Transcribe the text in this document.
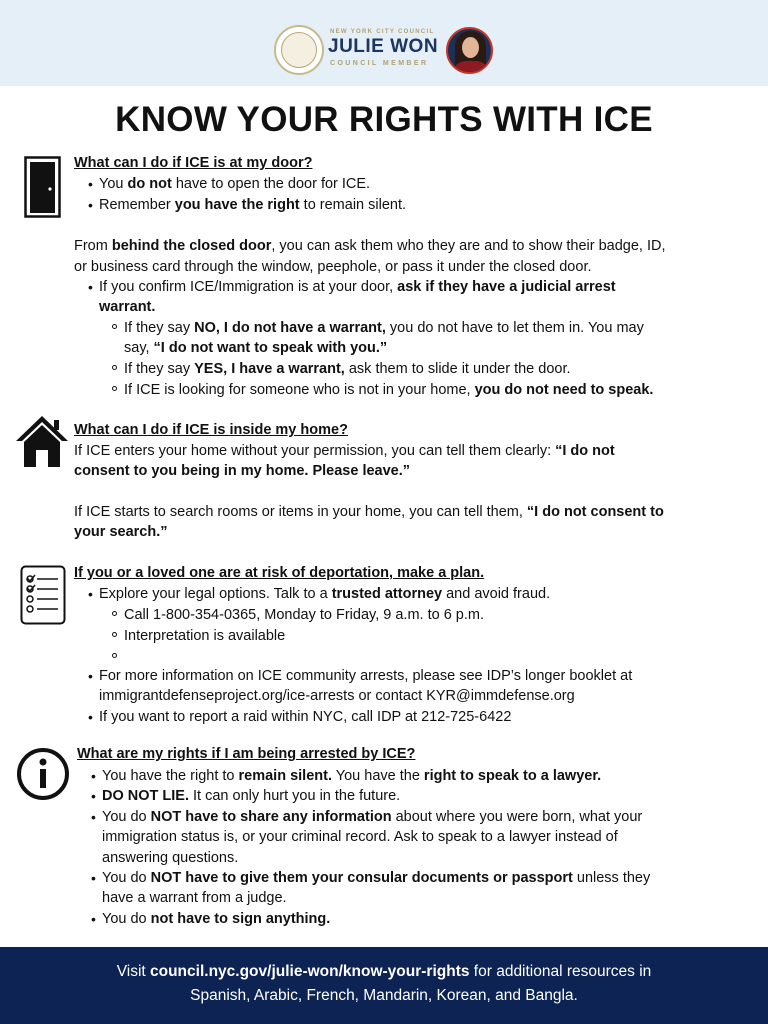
NEW YORK CITY COUNCIL
JULIE WON
COUNCIL MEMBER
KNOW YOUR RIGHTS WITH ICE
What can I do if ICE is at my door?
• You do not have to open the door for ICE.
• Remember you have the right to remain silent.
From behind the closed door, you can ask them who they are and to show their badge, ID,
or business card through the window, peephole, or pass it under the closed door.
• If you confirm ICE/Immigration is at your door, ask if they have a judicial arrest
warrant.
If they say NO, I do not have a warrant, you do not have to let them in. You may
say, “I do not want to speak with you.”
If they say YES, I have a warrant, ask them to slide it under the door.
If ICE is looking for someone who is not in your home, you do not need to speak.
What can I do if ICE is inside my home?
If ICE enters your home without your permission, you can tell them clearly: “I do not
consent to you being in my home. Please leave.”
If ICE starts to search rooms or items in your home, you can tell them, “I do not consent to
your search.”
If you or a loved one are at risk of deportation, make a plan.
• Explore your legal options. Talk to a trusted attorney and avoid fraud.
Call 1-800-354-0365, Monday to Friday, 9 a.m. to 6 p.m.
Interpretation is available
• For more information on ICE community arrests, please see IDP’s longer booklet at
immigrantdefenseproject.org/ice-arrests or contact KYR@immdefense.org
• If you want to report a raid within NYC, call IDP at 212-725-6422
What are my rights if I am being arrested by ICE?
• You have the right to remain silent. You have the right to speak to a lawyer.
• DO NOT LIE. It can only hurt you in the future.
• You do NOT have to share any information about where you were born, what your
immigration status is, or your criminal record. Ask to speak to a lawyer instead of
answering questions.
• You do NOT have to give them your consular documents or passport unless they
have a warrant from a judge.
• You do not have to sign anything.
Visit council.nyc.gov/julie-won/know-your-rights for additional resources in
Spanish, Arabic, French, Mandarin, Korean, and Bangla.
